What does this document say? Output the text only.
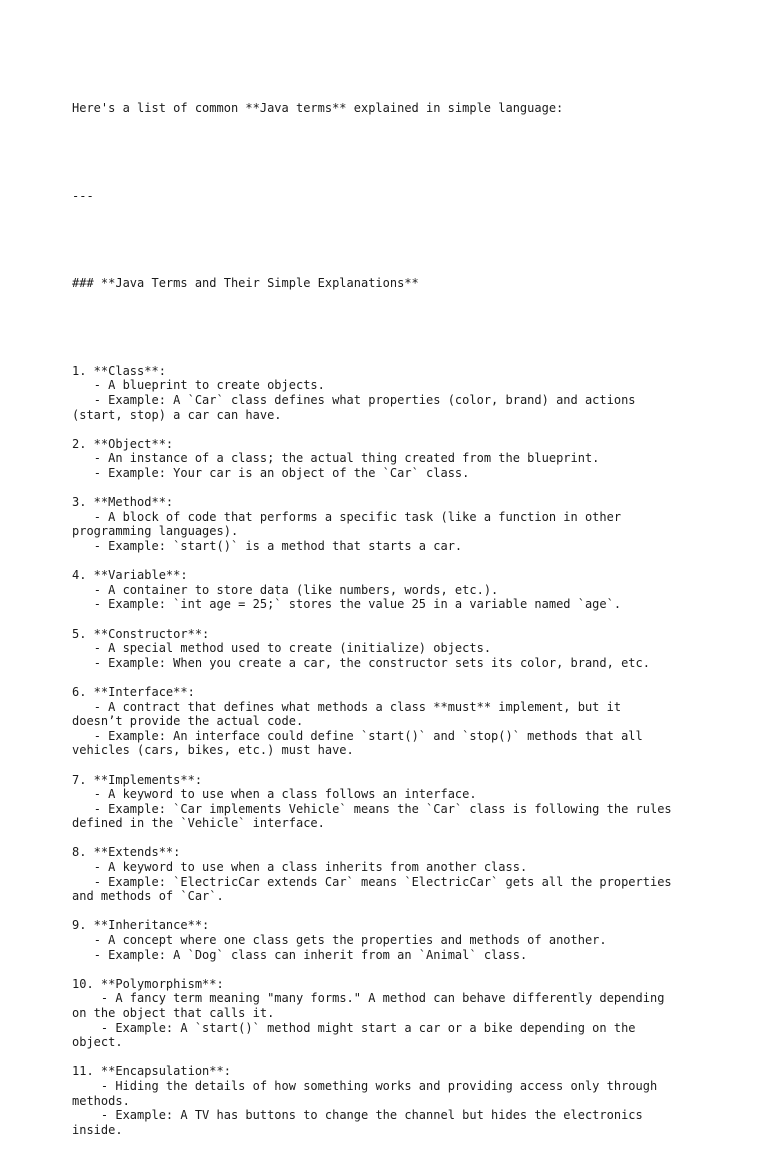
Here's a list of common **Java terms** explained in simple language:

---

### **Java Terms and Their Simple Explanations**

1. **Class**:
- A blueprint to create objects.
- Example: A `Car` class defines what properties (color, brand) and actions
(start, stop) a car can have.
2. **Object**:
- An instance of a class; the actual thing created from the blueprint.
- Example: Your car is an object of the `Car` class.
3. **Method**:
- A block of code that performs a specific task (like a function in other
programming languages).
- Example: `start()` is a method that starts a car.
4. **Variable**:
- A container to store data (like numbers, words, etc.).
- Example: `int age = 25;` stores the value 25 in a variable named `age`.
5. **Constructor**:
- A special method used to create (initialize) objects.
- Example: When you create a car, the constructor sets its color, brand, etc.
6. **Interface**:
- A contract that defines what methods a class **must** implement, but it
doesn’t provide the actual code.
- Example: An interface could define `start()` and `stop()` methods that all
vehicles (cars, bikes, etc.) must have.
7. **Implements**:
- A keyword to use when a class follows an interface.
- Example: `Car implements Vehicle` means the `Car` class is following the rules
defined in the `Vehicle` interface.
8. **Extends**:
- A keyword to use when a class inherits from another class.
- Example: `ElectricCar extends Car` means `ElectricCar` gets all the properties
and methods of `Car`.
9. **Inheritance**:
- A concept where one class gets the properties and methods of another.
- Example: A `Dog` class can inherit from an `Animal` class.
10. **Polymorphism**:
- A fancy term meaning "many forms." A method can behave differently depending
on the object that calls it.
- Example: A `start()` method might start a car or a bike depending on the
object.
11. **Encapsulation**:
- Hiding the details of how something works and providing access only through
methods.
- Example: A TV has buttons to change the channel but hides the electronics
inside.
